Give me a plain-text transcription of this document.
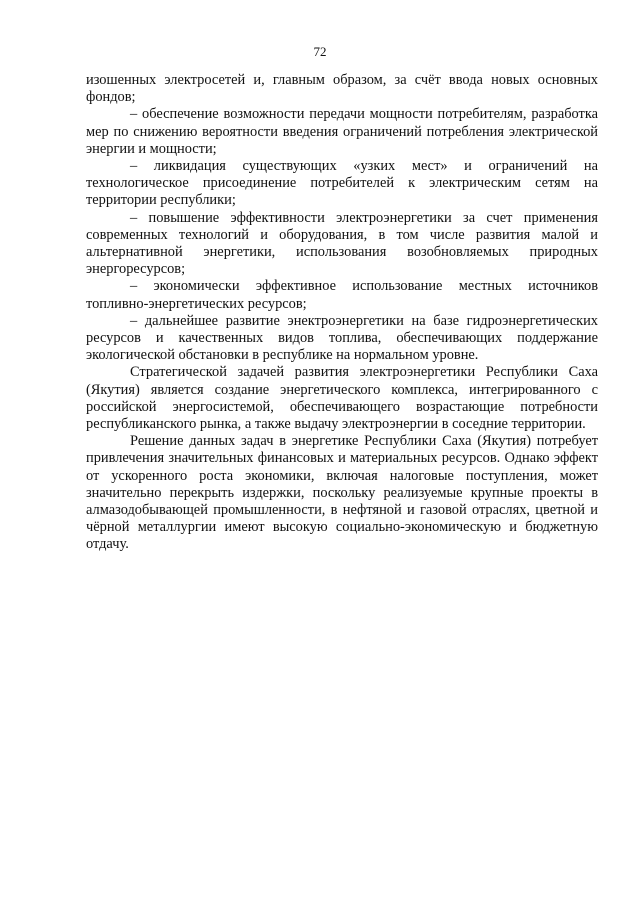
72

изошенных электросетей и, главным образом, за счёт ввода новых основных фондов;

– обеспечение возможности передачи мощности потребителям, разработка мер по снижению вероятности введения ограничений потребления электрической энергии и мощности;

– ликвидация существующих «узких мест» и ограничений на технологическое присоединение потребителей к электрическим сетям на территории республики;

– повышение эффективности электроэнергетики за счет применения современных технологий и оборудования, в том числе развития малой и альтернативной энергетики, использования возобновляемых природных энергоресурсов;

– экономически эффективное использование местных источников топливно-энергетических ресурсов;

– дальнейшее развитие энектроэнергетики на базе гидроэнергетических ресурсов и качественных видов топлива, обеспечивающих поддержание экологической обстановки в республике на нормальном уровне.

Стратегической задачей развития электроэнергетики Республики Саха (Якутия) является создание энергетического комплекса, интегрированного с российской энергосистемой, обеспечивающего возрастающие потребности республиканского рынка, а также выдачу электроэнергии в соседние территории.

Решение данных задач в энергетике Республики Саха (Якутия) потребует привлечения значительных финансовых и материальных ресурсов. Однако эффект от ускоренного роста экономики, включая налоговые поступления, может значительно перекрыть издержки, поскольку реализуемые крупные проекты в алмазодобывающей промышленности, в нефтяной и газовой отраслях, цветной и чёрной металлургии имеют высокую социально-экономическую и бюджетную отдачу.
